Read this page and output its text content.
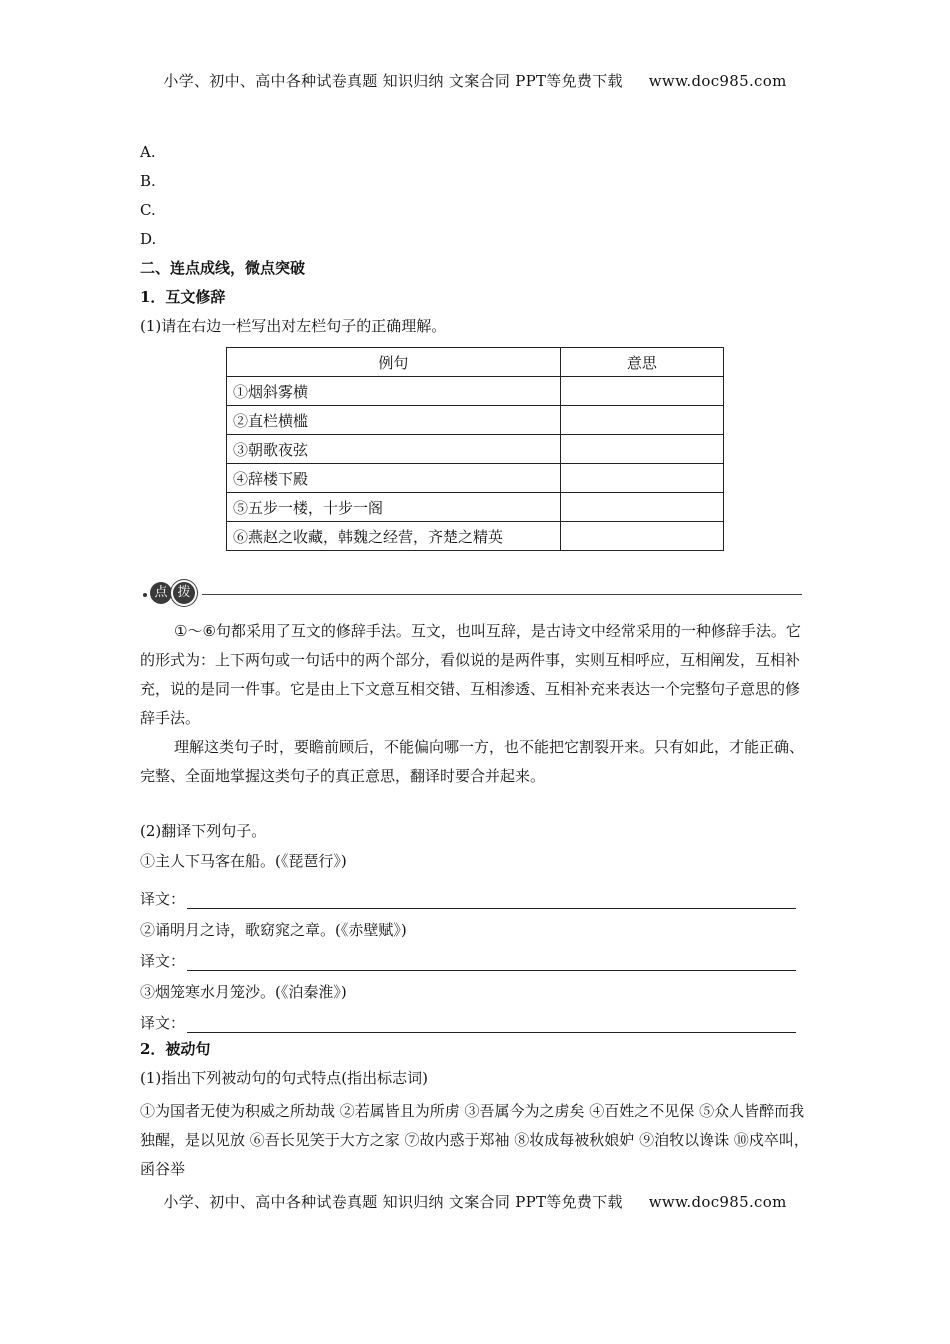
小学、初中、高中各种试卷真题 知识归纳 文案合同 PPT等免费下载 www.doc985.com
A.
B.
C.
D.
二、连点成线，微点突破
1．互文修辞
(1)请在右边一栏写出对左栏句子的正确理解。
例句	意思
①烟斜雾横	
②直栏横槛	
③朝歌夜弦	
④辞楼下殿	
⑤五步一楼，十步一阁	
⑥燕赵之收藏，韩魏之经营，齐楚之精英	
点 拨

①～⑥句都采用了互文的修辞手法。互文，也叫互辞，是古诗文中经常采用的一种修辞手法。它的形式为：上下两句或一句话中的两个部分，看似说的是两件事，实则互相呼应，互相阐发，互相补充，说的是同一件事。它是由上下文意互相交错、互相渗透、互相补充来表达一个完整句子意思的修辞手法。

理解这类句子时，要瞻前顾后，不能偏向哪一方，也不能把它割裂开来。只有如此，才能正确、完整、全面地掌握这类句子的真正意思，翻译时要合并起来。

(2)翻译下列句子。
①主人下马客在船。(《琵琶行》)
译文：
②诵明月之诗，歌窈窕之章。(《赤壁赋》)
译文：
③烟笼寒水月笼沙。(《泊秦淮》)
译文：
2．被动句
(1)指出下列被动句的句式特点(指出标志词)
①为国者无使为积威之所劫哉 ②若属皆且为所虏 ③吾属今为之虏矣 ④百姓之不见保 ⑤众人皆醉而我独醒，是以见放 ⑥吾长见笑于大方之家 ⑦故内惑于郑袖 ⑧妆成每被秋娘妒 ⑨洎牧以谗诛 ⑩戍卒叫，函谷举
小学、初中、高中各种试卷真题 知识归纳 文案合同 PPT等免费下载 www.doc985.com
